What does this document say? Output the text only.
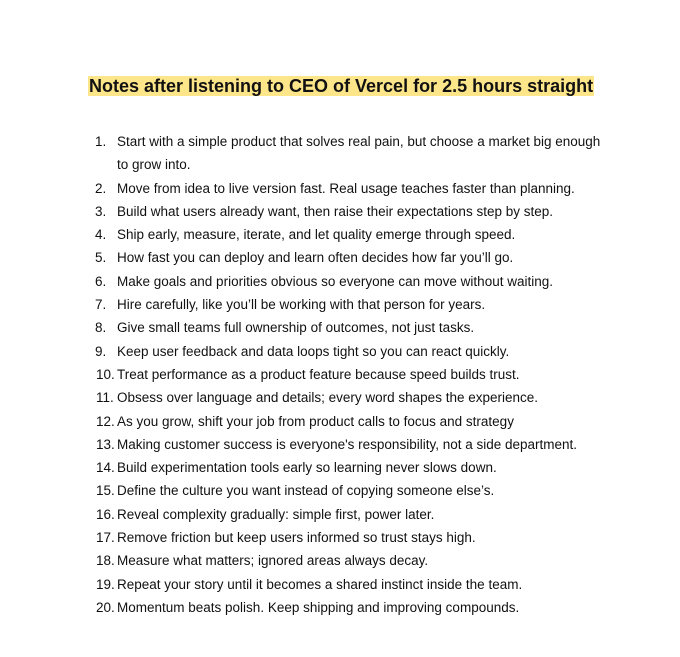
Notes after listening to CEO of Vercel for 2.5 hours straight
1. Start with a simple product that solves real pain, but choose a market big enough to grow into.
2. Move from idea to live version fast. Real usage teaches faster than planning.
3. Build what users already want, then raise their expectations step by step.
4. Ship early, measure, iterate, and let quality emerge through speed.
5. How fast you can deploy and learn often decides how far you’ll go.
6. Make goals and priorities obvious so everyone can move without waiting.
7. Hire carefully, like you’ll be working with that person for years.
8. Give small teams full ownership of outcomes, not just tasks.
9. Keep user feedback and data loops tight so you can react quickly.
10. Treat performance as a product feature because speed builds trust.
11. Obsess over language and details; every word shapes the experience.
12. As you grow, shift your job from product calls to focus and strategy
13. Making customer success is everyone's responsibility, not a side department.
14. Build experimentation tools early so learning never slows down.
15. Define the culture you want instead of copying someone else’s.
16. Reveal complexity gradually: simple first, power later.
17. Remove friction but keep users informed so trust stays high.
18. Measure what matters; ignored areas always decay.
19. Repeat your story until it becomes a shared instinct inside the team.
20. Momentum beats polish. Keep shipping and improving compounds.
